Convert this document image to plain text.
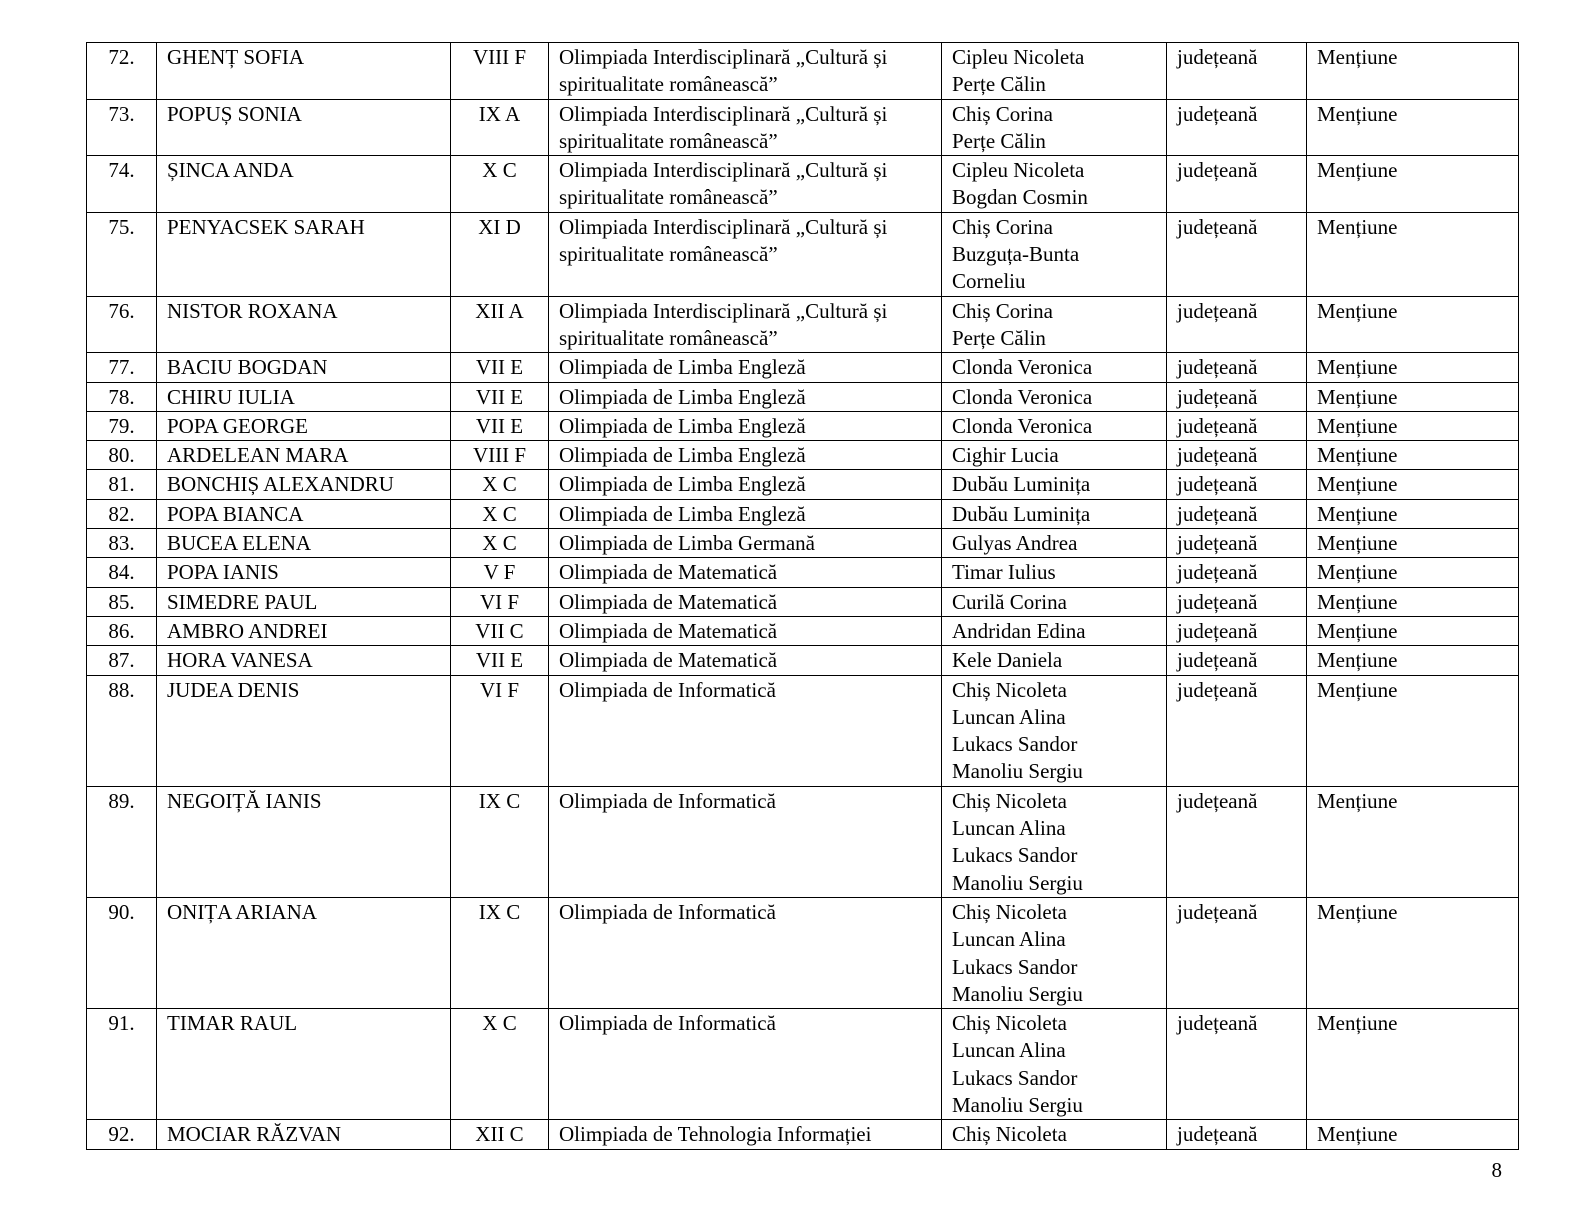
72.	GHENȚ SOFIA	VIII F	Olimpiada Interdisciplinară „Cultură și
spiritualitate românească”	Cipleu Nicoleta
Perțe Călin	județeană	Mențiune
73.	POPUȘ SONIA	IX A	Olimpiada Interdisciplinară „Cultură și
spiritualitate românească”	Chiș Corina
Perțe Călin	județeană	Mențiune
74.	ȘINCA ANDA	X C	Olimpiada Interdisciplinară „Cultură și
spiritualitate românească”	Cipleu Nicoleta
Bogdan Cosmin	județeană	Mențiune
75.	PENYACSEK SARAH	XI D	Olimpiada Interdisciplinară „Cultură și
spiritualitate românească”	Chiș Corina
Buzguța-Bunta
Corneliu	județeană	Mențiune
76.	NISTOR ROXANA	XII A	Olimpiada Interdisciplinară „Cultură și
spiritualitate românească”	Chiș Corina
Perțe Călin	județeană	Mențiune
77.	BACIU BOGDAN	VII E	Olimpiada de Limba Engleză	Clonda Veronica	județeană	Mențiune
78.	CHIRU IULIA	VII E	Olimpiada de Limba Engleză	Clonda Veronica	județeană	Mențiune
79.	POPA GEORGE	VII E	Olimpiada de Limba Engleză	Clonda Veronica	județeană	Mențiune
80.	ARDELEAN MARA	VIII F	Olimpiada de Limba Engleză	Cighir Lucia	județeană	Mențiune
81.	BONCHIȘ ALEXANDRU	X C	Olimpiada de Limba Engleză	Dubău Luminița	județeană	Mențiune
82.	POPA BIANCA	X C	Olimpiada de Limba Engleză	Dubău Luminița	județeană	Mențiune
83.	BUCEA ELENA	X C	Olimpiada de Limba Germană	Gulyas Andrea	județeană	Mențiune
84.	POPA IANIS	V F	Olimpiada de Matematică	Timar Iulius	județeană	Mențiune
85.	SIMEDRE PAUL	VI F	Olimpiada de Matematică	Curilă Corina	județeană	Mențiune
86.	AMBRO ANDREI	VII C	Olimpiada de Matematică	Andridan Edina	județeană	Mențiune
87.	HORA VANESA	VII E	Olimpiada de Matematică	Kele Daniela	județeană	Mențiune
88.	JUDEA DENIS	VI F	Olimpiada de Informatică	Chiș Nicoleta
Luncan Alina
Lukacs Sandor
Manoliu Sergiu	județeană	Mențiune
89.	NEGOIȚĂ IANIS	IX C	Olimpiada de Informatică	Chiș Nicoleta
Luncan Alina
Lukacs Sandor
Manoliu Sergiu	județeană	Mențiune
90.	ONIȚA ARIANA	IX C	Olimpiada de Informatică	Chiș Nicoleta
Luncan Alina
Lukacs Sandor
Manoliu Sergiu	județeană	Mențiune
91.	TIMAR RAUL	X C	Olimpiada de Informatică	Chiș Nicoleta
Luncan Alina
Lukacs Sandor
Manoliu Sergiu	județeană	Mențiune
92.	MOCIAR RĂZVAN	XII C	Olimpiada de Tehnologia Informației	Chiș Nicoleta	județeană	Mențiune
8
